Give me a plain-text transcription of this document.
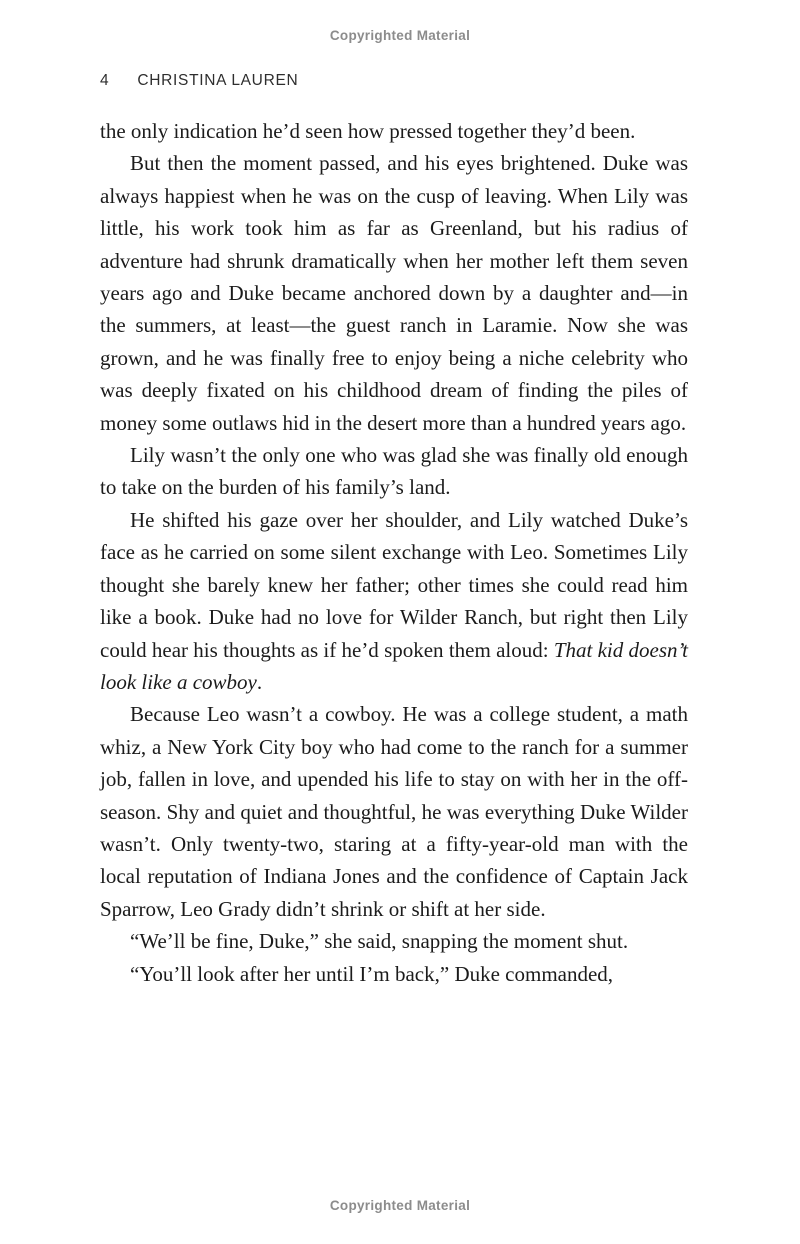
Copyrighted Material
4 CHRISTINA LAUREN

the only indication he’d seen how pressed together they’d been.

But then the moment passed, and his eyes brightened. Duke was always happiest when he was on the cusp of leaving. When Lily was little, his work took him as far as Greenland, but his radius of adventure had shrunk dramatically when her mother left them seven years ago and Duke became anchored down by a daughter and—in the summers, at least—the guest ranch in Laramie. Now she was grown, and he was finally free to enjoy being a niche celebrity who was deeply fixated on his childhood dream of finding the piles of money some outlaws hid in the desert more than a hundred years ago.

Lily wasn’t the only one who was glad she was finally old enough to take on the burden of his family’s land.

He shifted his gaze over her shoulder, and Lily watched Duke’s face as he carried on some silent exchange with Leo. Sometimes Lily thought she barely knew her father; other times she could read him like a book. Duke had no love for Wilder Ranch, but right then Lily could hear his thoughts as if he’d spoken them aloud: That kid doesn’t look like a cowboy.

Because Leo wasn’t a cowboy. He was a college student, a math whiz, a New York City boy who had come to the ranch for a summer job, fallen in love, and upended his life to stay on with her in the off-season. Shy and quiet and thoughtful, he was everything Duke Wilder wasn’t. Only twenty-two, staring at a fifty-year-old man with the local reputation of Indiana Jones and the confidence of Captain Jack Sparrow, Leo Grady didn’t shrink or shift at her side.

“We’ll be fine, Duke,” she said, snapping the moment shut.

“You’ll look after her until I’m back,” Duke commanded,

Copyrighted Material
